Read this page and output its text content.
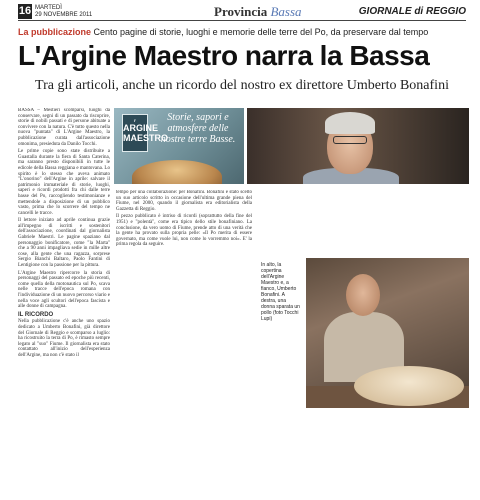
16 MARTEDÌ
29 NOVEMBRE 2011	Provincia Bassa	GIORNALE di REGGIO
La pubblicazione Cento pagine di storie, luoghi e memorie delle terre del Po, da preservare dal tempo
L'Argine Maestro narra la Bassa
Tra gli articoli, anche un ricordo del nostro ex direttore Umberto Bonafini

BASSA – Mestieri scomparsi, luoghi da conservare, segni di un passato da riscoprire, storie di nobili passati e di persone abituate a convivere con la natura. C'è tutto questo nella nuova "puntata" di L'Argine Maestro, la pubblicazione curata dall'associazione omonima, presieduta da Danilo Tocchi.

Le prime copie sono state distribuite a Guastalla durante la fiera di Santa Caterina, ma saranno presto disponibili in tutte le edicole della Bassa reggiana e mantovana. Lo spirito è lo stesso che aveva animato "L'onorino" dell'Argine in aprile: salvare il patrimonio immateriale di storie, luoghi, saperi e ricordi prodotti fra chi dalle terre basse del Po, raccogliendo testimonianze e mettendole a disposizione di un pubblico vasto, prima che lo scorrere del tempo ne cancelli le tracce.

Il lettore iniziato ad aprile continua grazie all'impegno di iscritti e sostenitori dell'associazione, coordinati dal giornalista Gabriele Maestri. Le pagine spaziano dal personaggio bonificatore, come "la Marta" che a 90 anni impagliava sedie in mille altre cose, alla gente che una ragazza, sorprese Sergio Bianchi Baltaro, Paolo Fantini di Lentigione con la passione per la pittura.

L'Argine Maestro ripercorre la storia di personaggi del passato ed epoche più recenti, come quella della motonautica sul Po, scava nelle tracce dell'epoca romana con l'individuazione di un nuovo percorso viario e nella voce agli scultori dell'epoca fascista e alle donne di campagna.

IL RICORDO

Nella pubblicazione c'è anche uno spazio dedicato a Umberto Bonafini, già direttore del Giornale di Reggio e scomparso a luglio: ha ricostruito la terra di Po, è rimasto sempre legato al "suo" Fiume. Il giornalista era stato contattato all'inizio dell'esperienza dell'Argine, ma non c'è stato il

l'
ARGINE MAESTRO
Storie, sapori e atmosfere delle nostre terre Basse.

tempo per una collaborazione: per Bonafini. Bonafini è stato scelto un suo articolo scritto in occasione dell'ultima grande piena del Fiume, nel 2000, quando il giornalista era editorialista della Gazzetta di Reggio.

Il pezzo pubblicato è intriso di ricordi (soprattutto della fine del 1951) e "polentà", come era tipico dello stile bonafiniano. La conclusione, da vero uomo di Fiume, prende atto di una verità che la gente ha provato sulla propria pelle: «Il Po merita di essere governato, ma come vuole lui, non come lo vorremmo noi». E' la prima regola da seguire.

In alto, la copertina dell'Argine Maestro e, a fianco, Umberto Bonafini. A destra, una donna sparata un pollo (foto Tocchi Lupi)
